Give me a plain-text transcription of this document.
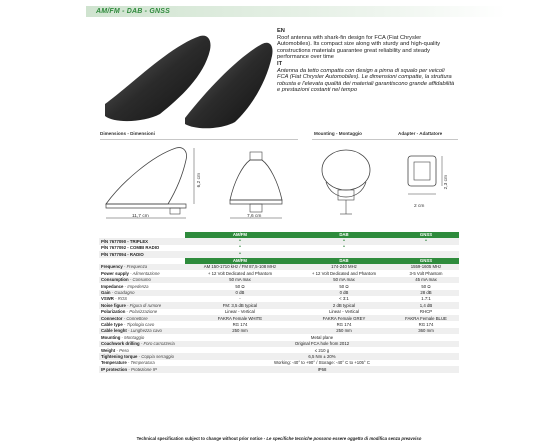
AM/FM - DAB - GNSS

EN

Roof antenna with shark-fin design for FCA (Fiat Chrysler Automobiles). Its compact size along with sturdy and high-quality constructions materials guarantee great reliability and steady performance over time

IT

Antenna da tetto compatta con design a pinna di squalo per veicoli FCA (Fiat Chrysler Automobiles). Le dimensioni compatte, la struttura robusta e l'elevata qualità dei materiali garantiscono grande affidabilità e prestazioni costanti nel tempo

Dimensions - Dimensioni	Mounting - Montaggio	Adapter - Adattatore
11,7 cm
6,2 cm
7,6 cm
2 cm
2,3 cm
	AM/FM	DAB	GNSS
P/N 7677090 - TRIPLEX	•	•	•
P/N 7677092 - COMBI RADIO	•	•	
P/N 7677094 - RADIO	•		
	AM/FM	DAB	GNSS
Frequency - Frequenza	AM 150-1710 kHz / FM 87,5-108 MHz	174-240 MHz	1559-1605 MHz
Power supply - Alimentazione	+ 12 Volt Dedicated and Phantom	+ 12 Volt Dedicated and Phantom	3-5 Volt Phantom
Consumption - Consumo	50 mA max	50 mA max	45 mA max
Impedance - Impedenza	50 Ω	50 Ω	50 Ω
Gain - Guadagno	0 dB	0 dB	28 dB
VSWR - ROS	-	< 3:1	1.7:1
Noise figure - Figura di rumore	FM: 3,5 dB typical	2 dB typical	1,4 dB
Polarization - Polarizzazione	Linear - Vertical	Linear - Vertical	RHCP
Connector - Connettore	FAKRA Female WHITE	FAKRA Female GREY	FAKRA Female BLUE
Cable type - Tipologia cavo	RG 174	RG 174	RG 174
Cable lenght - Lunghezza cavo	250 mm	250 mm	360 mm
Mounting - Montaggio	Metal plane		
Coachwork drilling - Foro carrozzeria	Original FCA hole from 2012		
Weight - Peso	≤ 210 g		
Tightening torque - Coppia serraggio	6,5 Nm ± 20%		
Temperature - Temperatura	Working: -40° to +90° / Storage: -40° C to +105° C		
IP protection - Protezione IP	IP68		
Technical specification subject to change without prior notice - Le specifiche tecniche possono essere oggetto di modifica senza preavviso
